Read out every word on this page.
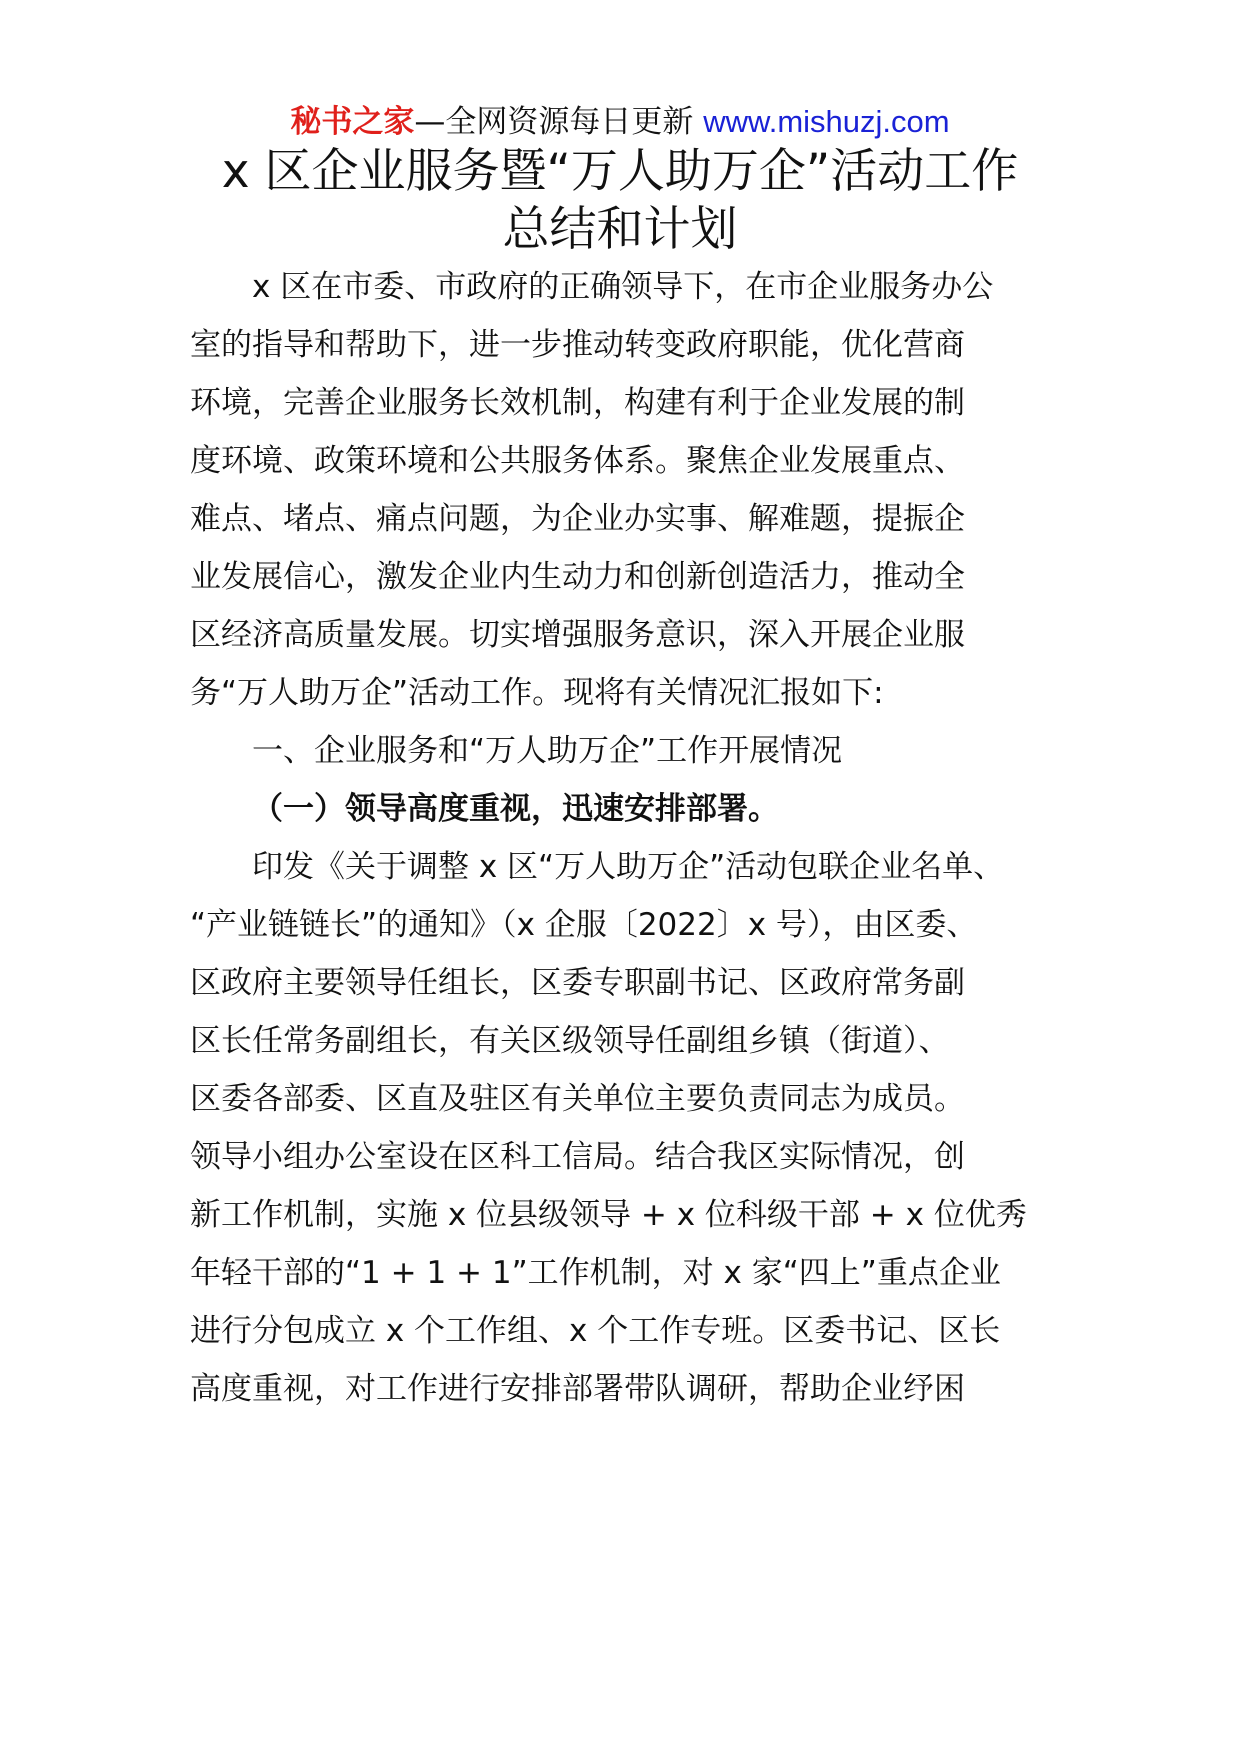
秘书之家—全网资源每日更新 www.mishuzj.com
x 区企业服务暨“万人助万企”活动工作
总结和计划
x 区在市委、市政府的正确领导下，在市企业服务办公
室的指导和帮助下，进一步推动转变政府职能，优化营商
环境，完善企业服务长效机制，构建有利于企业发展的制
度环境、政策环境和公共服务体系。聚焦企业发展重点、
难点、堵点、痛点问题，为企业办实事、解难题，提振企
业发展信心，激发企业内生动力和创新创造活力，推动全
区经济高质量发展。切实增强服务意识，深入开展企业服
务“万人助万企”活动工作。现将有关情况汇报如下:
一、企业服务和“万人助万企”工作开展情况
（一）领导高度重视，迅速安排部署。
印发《关于调整 x 区“万人助万企”活动包联企业名单、
“产业链链长”的通知》（x 企服〔2022〕x 号），由区委、
区政府主要领导任组长，区委专职副书记、区政府常务副
区长任常务副组长，有关区级领导任副组乡镇（街道）、
区委各部委、区直及驻区有关单位主要负责同志为成员。
领导小组办公室设在区科工信局。结合我区实际情况，创
新工作机制，实施 x 位县级领导 + x 位科级干部 + x 位优秀
年轻干部的“1 + 1 + 1”工作机制，对 x 家“四上”重点企业
进行分包成立 x 个工作组、x 个工作专班。区委书记、区长
高度重视，对工作进行安排部署带队调研，帮助企业纾困
